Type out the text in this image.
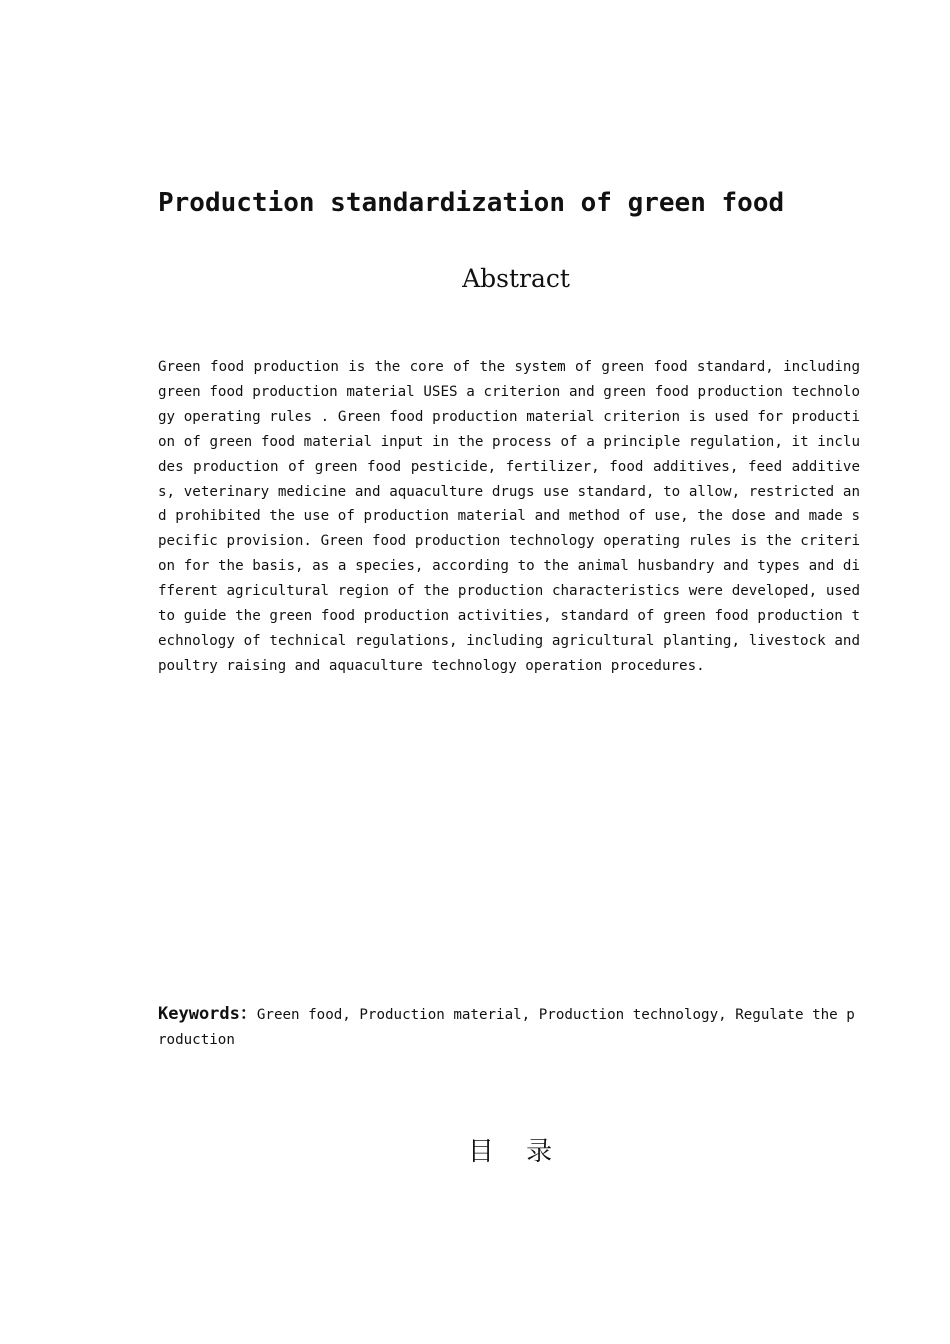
Production standardization of green food
Abstract

Green food production is the core of the system of green food standard, including green food production material USES a criterion and green food production technology operating rules . Green food production material criterion is used for production of green food material input in the process of a principle regulation, it includes production of green food pesticide, fertilizer, food additives, feed additives, veterinary medicine and aquaculture drugs use standard, to allow, restricted and prohibited the use of production material and method of use, the dose and made specific provision. Green food production technology operating rules is the criterion for the basis, as a species, according to the animal husbandry and types and different agricultural region of the production characteristics were developed, used to guide the green food production activities, standard of green food production technology of technical regulations, including agricultural planting, livestock and poultry raising and aquaculture technology operation procedures.

Keywords：Green food, Production material, Production technology, Regulate the production

目 录
